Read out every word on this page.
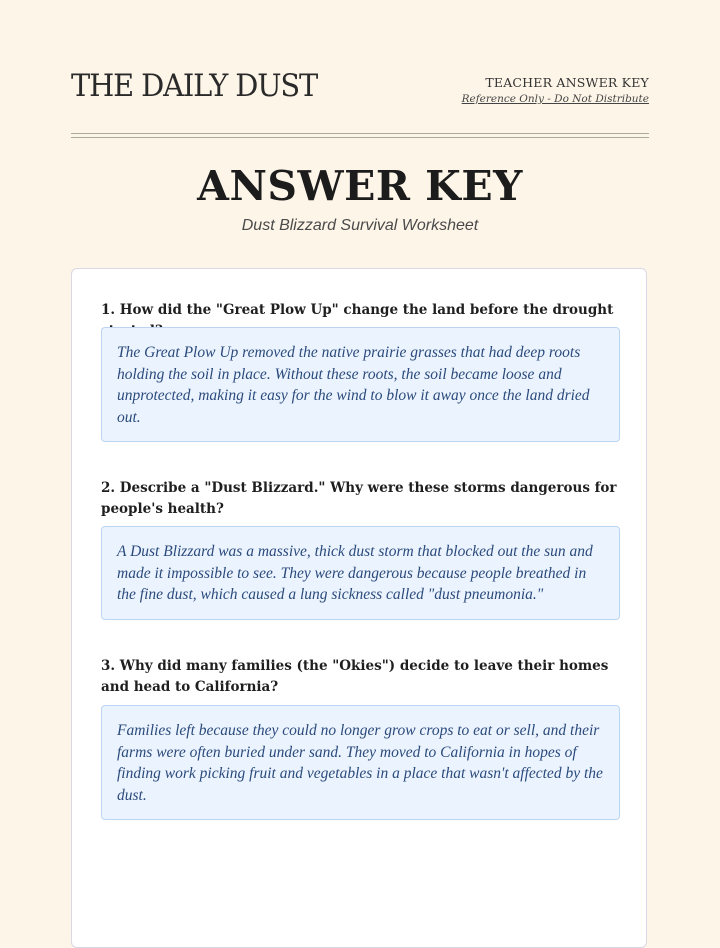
THE DAILY DUST	TEACHER ANSWER KEY
Reference Only - Do Not Distribute
ANSWER KEY
Dust Blizzard Survival Worksheet
1. How did the "Great Plow Up" change the land before the drought
The Great Plow Up removed the native prairie grasses that had deep roots holding the soil in place. Without these roots, the soil became loose and unprotected, making it easy for the wind to blow it away once the land dried out.
2. Describe a "Dust Blizzard." Why were these storms dangerous for people's health?
A Dust Blizzard was a massive, thick dust storm that blocked out the sun and made it impossible to see. They were dangerous because people breathed in the fine dust, which caused a lung sickness called "dust pneumonia."
3. Why did many families (the "Okies") decide to leave their homes and head to California?
Families left because they could no longer grow crops to eat or sell, and their farms were often buried under sand. They moved to California in hopes of finding work picking fruit and vegetables in a place that wasn't affected by the dust.
